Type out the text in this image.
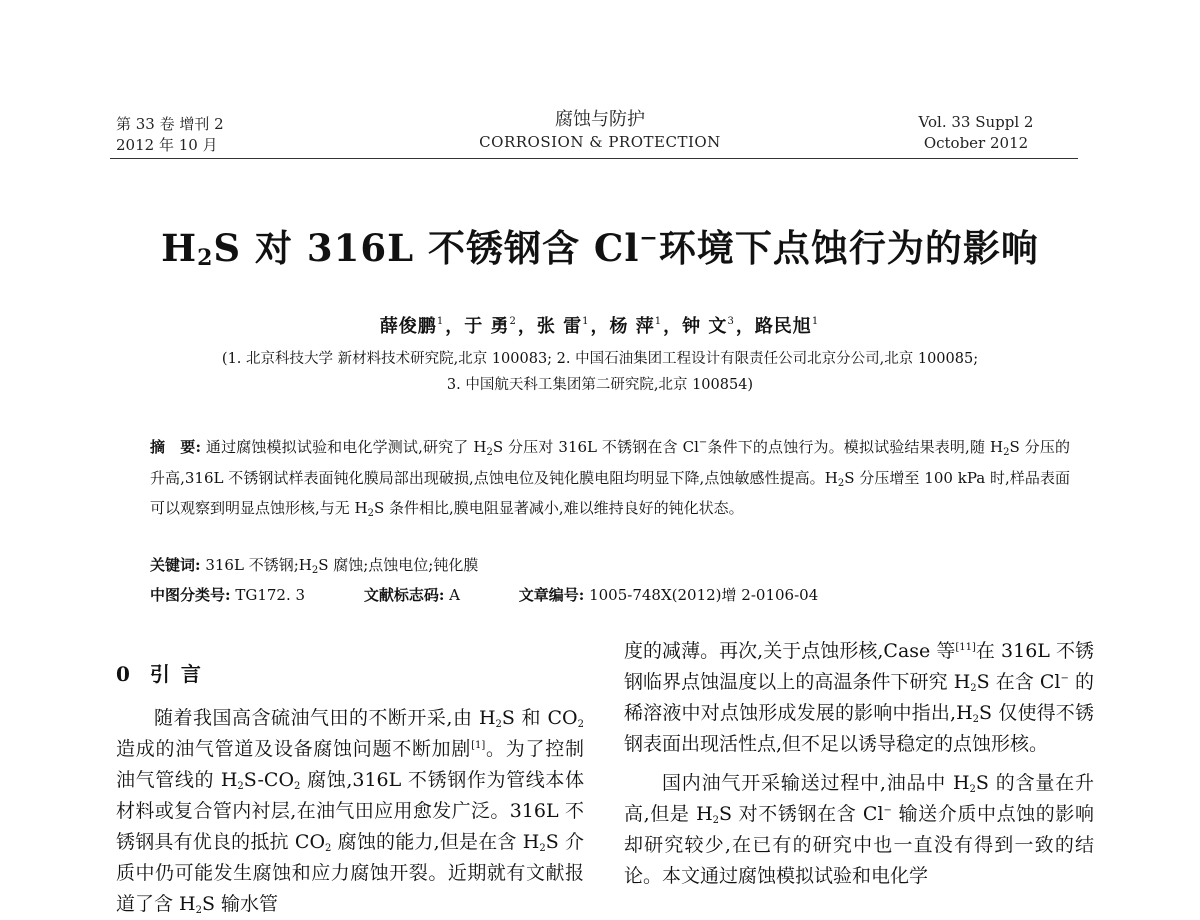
第 33 卷 增刊 2
2012 年 10 月
腐蚀与防护
CORROSION & PROTECTION
Vol. 33 Suppl 2
October 2012
$H_2S$ 对 316L 不锈钢含 Cl−环境下点蚀行为的影响
薛俊鹏$^1$，于 勇$^2$，张 雷$^1$，杨 萍$^1$，钟 文$^3$，路民旭$^1$
(1. 北京科技大学 新材料技术研究院,北京 100083; 2. 中国石油集团工程设计有限责任公司北京分公司,北京 100085;
3. 中国航天科工集团第二研究院,北京 100854)
摘　要: 通过腐蚀模拟试验和电化学测试,研究了 $H_2S$ 分压对 316L 不锈钢在含 Cl−条件下的点蚀行为。模拟试验结果表明,随 $H_2S$ 分压的升高,316L 不锈钢试样表面钝化膜局部出现破损,点蚀电位及钝化膜电阻均明显下降,点蚀敏感性提高。$H_2S$ 分压增至 100 kPa 时,样品表面可以观察到明显点蚀形核,与无 $H_2S$ 条件相比,膜电阻显著减小,难以维持良好的钝化状态。
关键词: 316L 不锈钢$;H_2S$ 腐蚀;点蚀电位;钝化膜
中图分类号: TG172. 3	文献标志码: A	文章编号: 1005-748X(2012)增 2-0106-04
0 引 言

随着我国高含硫油气田的不断开采,由 $H_2S$ 和 $CO_2$ 造成的油气管道及设备腐蚀问题不断加剧[1]。为了控制油气管线的 $H_2S-CO_2$ 腐蚀,316L 不锈钢作为管线本体材料或复合管内衬层,在油气田应用愈发广泛。316L 不锈钢具有优良的抵抗 $CO_2$ 腐蚀的能力,但是在含 $H_2S$ 介质中仍可能发生腐蚀和应力腐蚀开裂。近期就有文献报道了含 $H_2S$ 输水管

度的减薄。再次,关于点蚀形核,Case 等[11]在 316L 不锈钢临界点蚀温度以上的高温条件下研究 $H_2S$ 在含 Cl− 的稀溶液中对点蚀形成发展的影响中指出$,H_2S$ 仅使得不锈钢表面出现活性点,但不足以诱导稳定的点蚀形核。

国内油气开采输送过程中,油品中 $H_2S$ 的含量在升高,但是 $H_2S$ 对不锈钢在含 Cl− 输送介质中点蚀的影响却研究较少,在已有的研究中也一直没有得到一致的结论。本文通过腐蚀模拟试验和电化学
